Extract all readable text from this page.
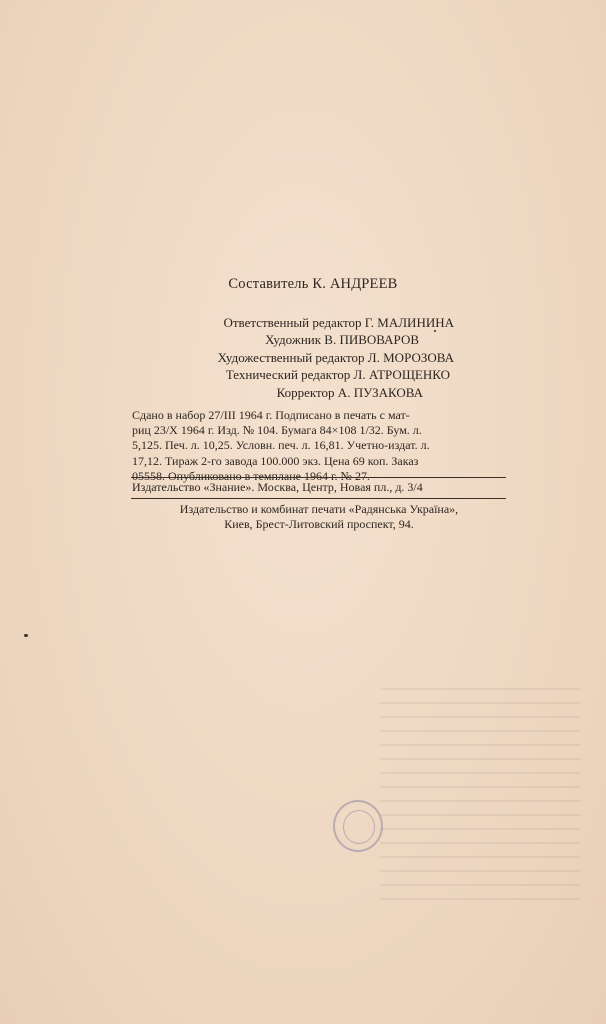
Составитель К. АНДРЕЕВ
Ответственный редактор Г. МАЛИНИНА
Художник В. ПИВОВАРОВ
Художественный редактор Л. МОРОЗОВА
Технический редактор Л. АТРОЩЕНКО
Корректор А. ПУЗАКОВА
Сдано в набор 27/III 1964 г. Подписано в печать с мат-
риц 23/X 1964 г. Изд. № 104. Бумага 84×108 1/32. Бум. л.
5,125. Печ. л. 10,25. Условн. печ. л. 16,81. Учетно-издат. л.
17,12. Тираж 2-го завода 100.000 экз. Цена 69 коп. Заказ
05558. Опубликовано в темплане 1964 г. № 27.
Издательство «Знание». Москва, Центр, Новая пл., д. 3/4
Издательство и комбинат печати «Радянська Україна»,
Киев, Брест-Литовский проспект, 94.
